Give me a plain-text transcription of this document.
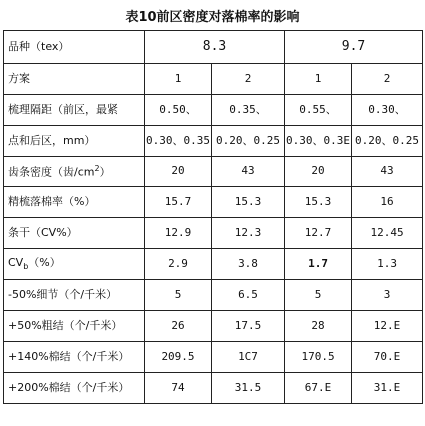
表10前区密度对落棉率的影响
品种（tex）	8.3		9.7	
方案	1	2	1	2
梳理隔距（前区，最紧	0.50、	0.35、	0.55、	0.30、
点和后区，mm）	0.30、0.35	0.20、0.25	0.30、0.3E	0.20、0.25
齿条密度（齿$/cm^2$）	20	43	20	43
精梳落棉率（%）	15.7	15.3	15.3	16
条干（CV%）	12.9	12.3	12.7	12.45
$CV_b(\%)$	2.9	3.8	1.7	1.3
-50%细节（个/千米）	5	6.5	5	3
+50%粗结（个/千米）	26	17.5	28	12.E
+140%棉结（个/千米）	209.5	1C7	170.5	70.E
+200%棉结（个/千米）	74	31.5	67.E	31.E
